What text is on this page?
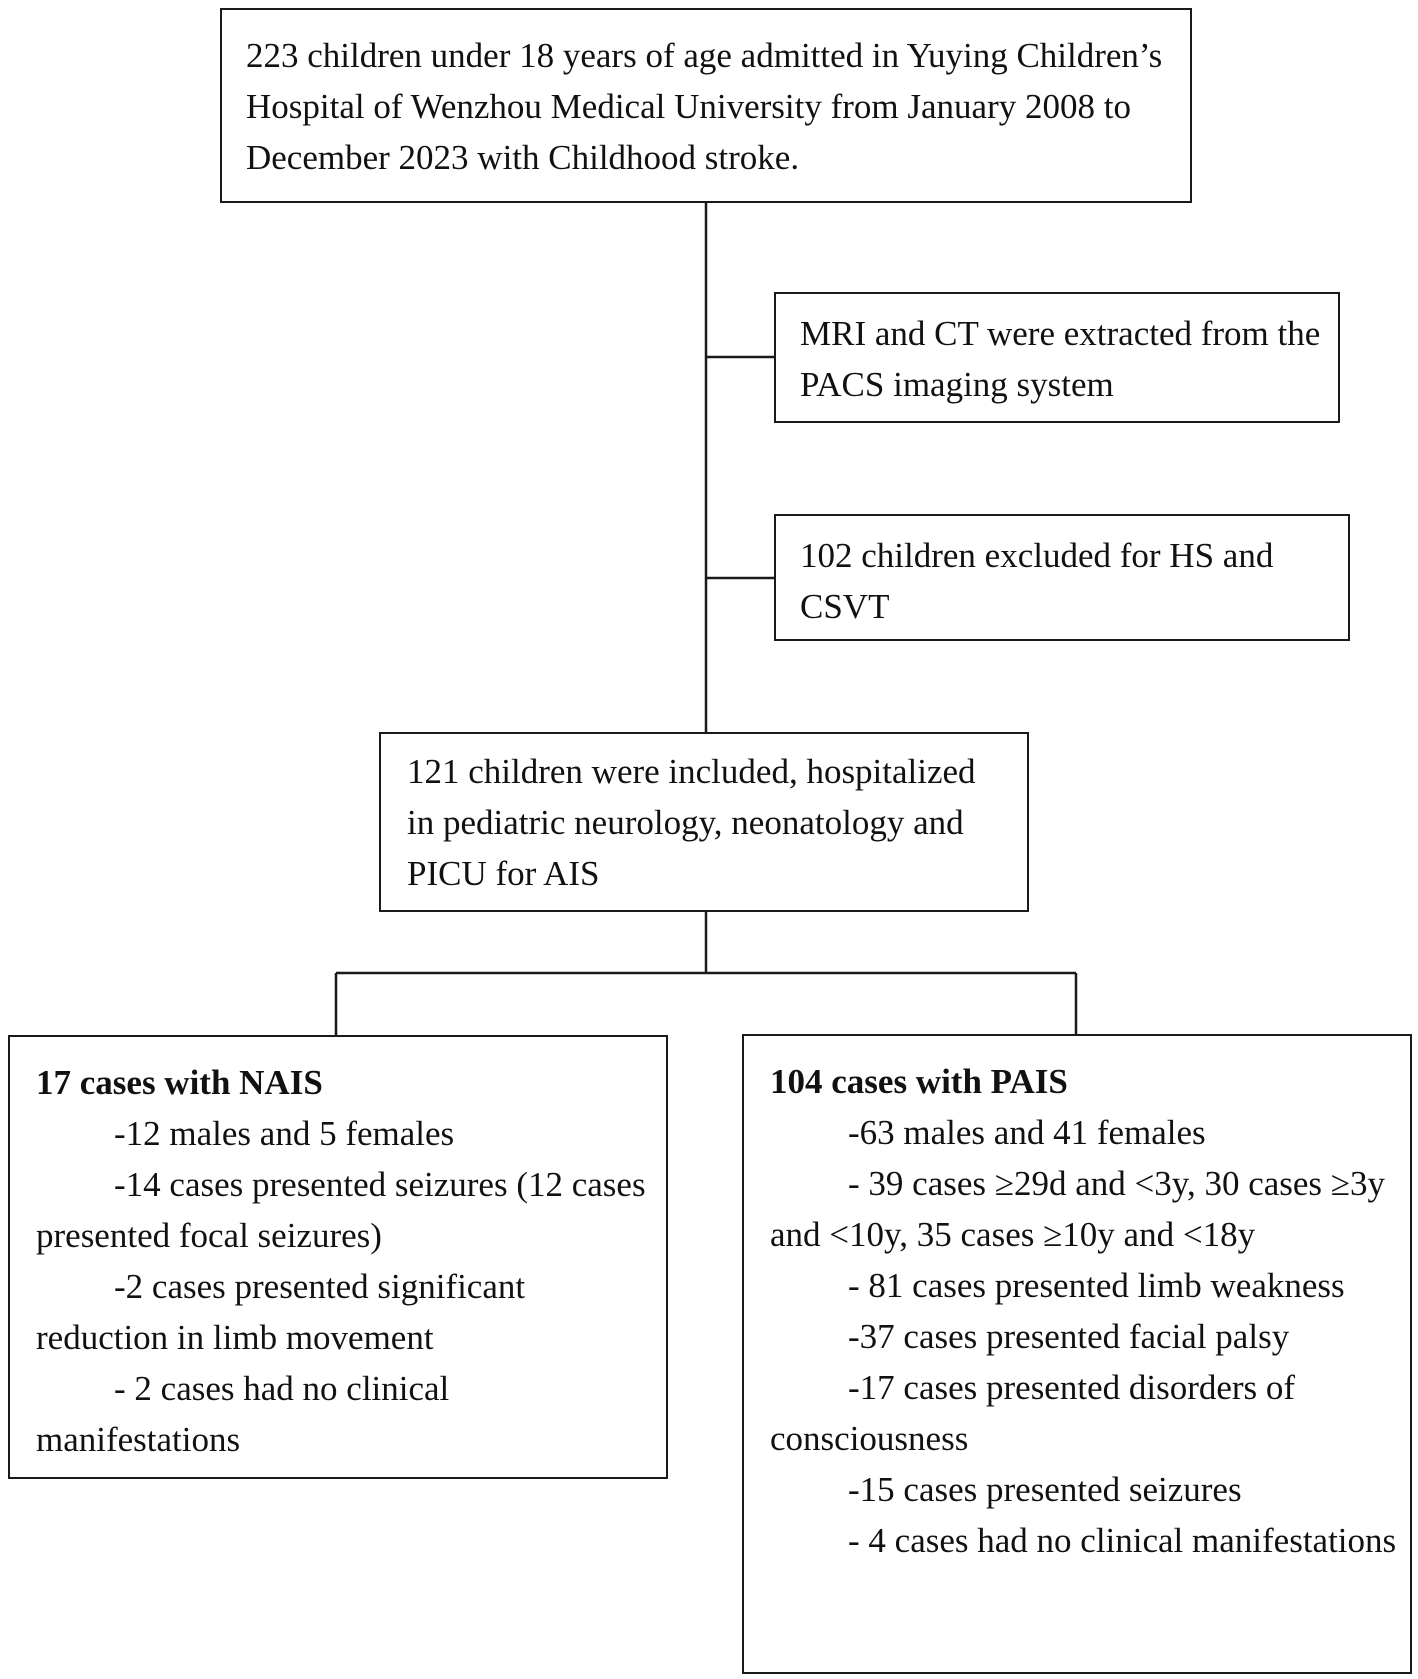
223 children under 18 years of age admitted in Yuying Children’s Hospital of Wenzhou Medical University from January 2008 to December 2023 with Childhood stroke.

MRI and CT were extracted from the PACS imaging system

102 children excluded for HS and CSVT

121 children were included, hospitalized in pediatric neurology, neonatology and PICU for AIS

17 cases with NAIS

-12 males and 5 females

-14 cases presented seizures (12 cases presented focal seizures)

-2 cases presented significant reduction in limb movement

- 2 cases had no clinical manifestations

104 cases with PAIS

-63 males and 41 females

- 39 cases ≥29d and <3y, 30 cases ≥3y and <10y, 35 cases ≥10y and <18y

- 81 cases presented limb weakness

-37 cases presented facial palsy

-17 cases presented disorders of consciousness

-15 cases presented seizures

- 4 cases had no clinical manifestations
